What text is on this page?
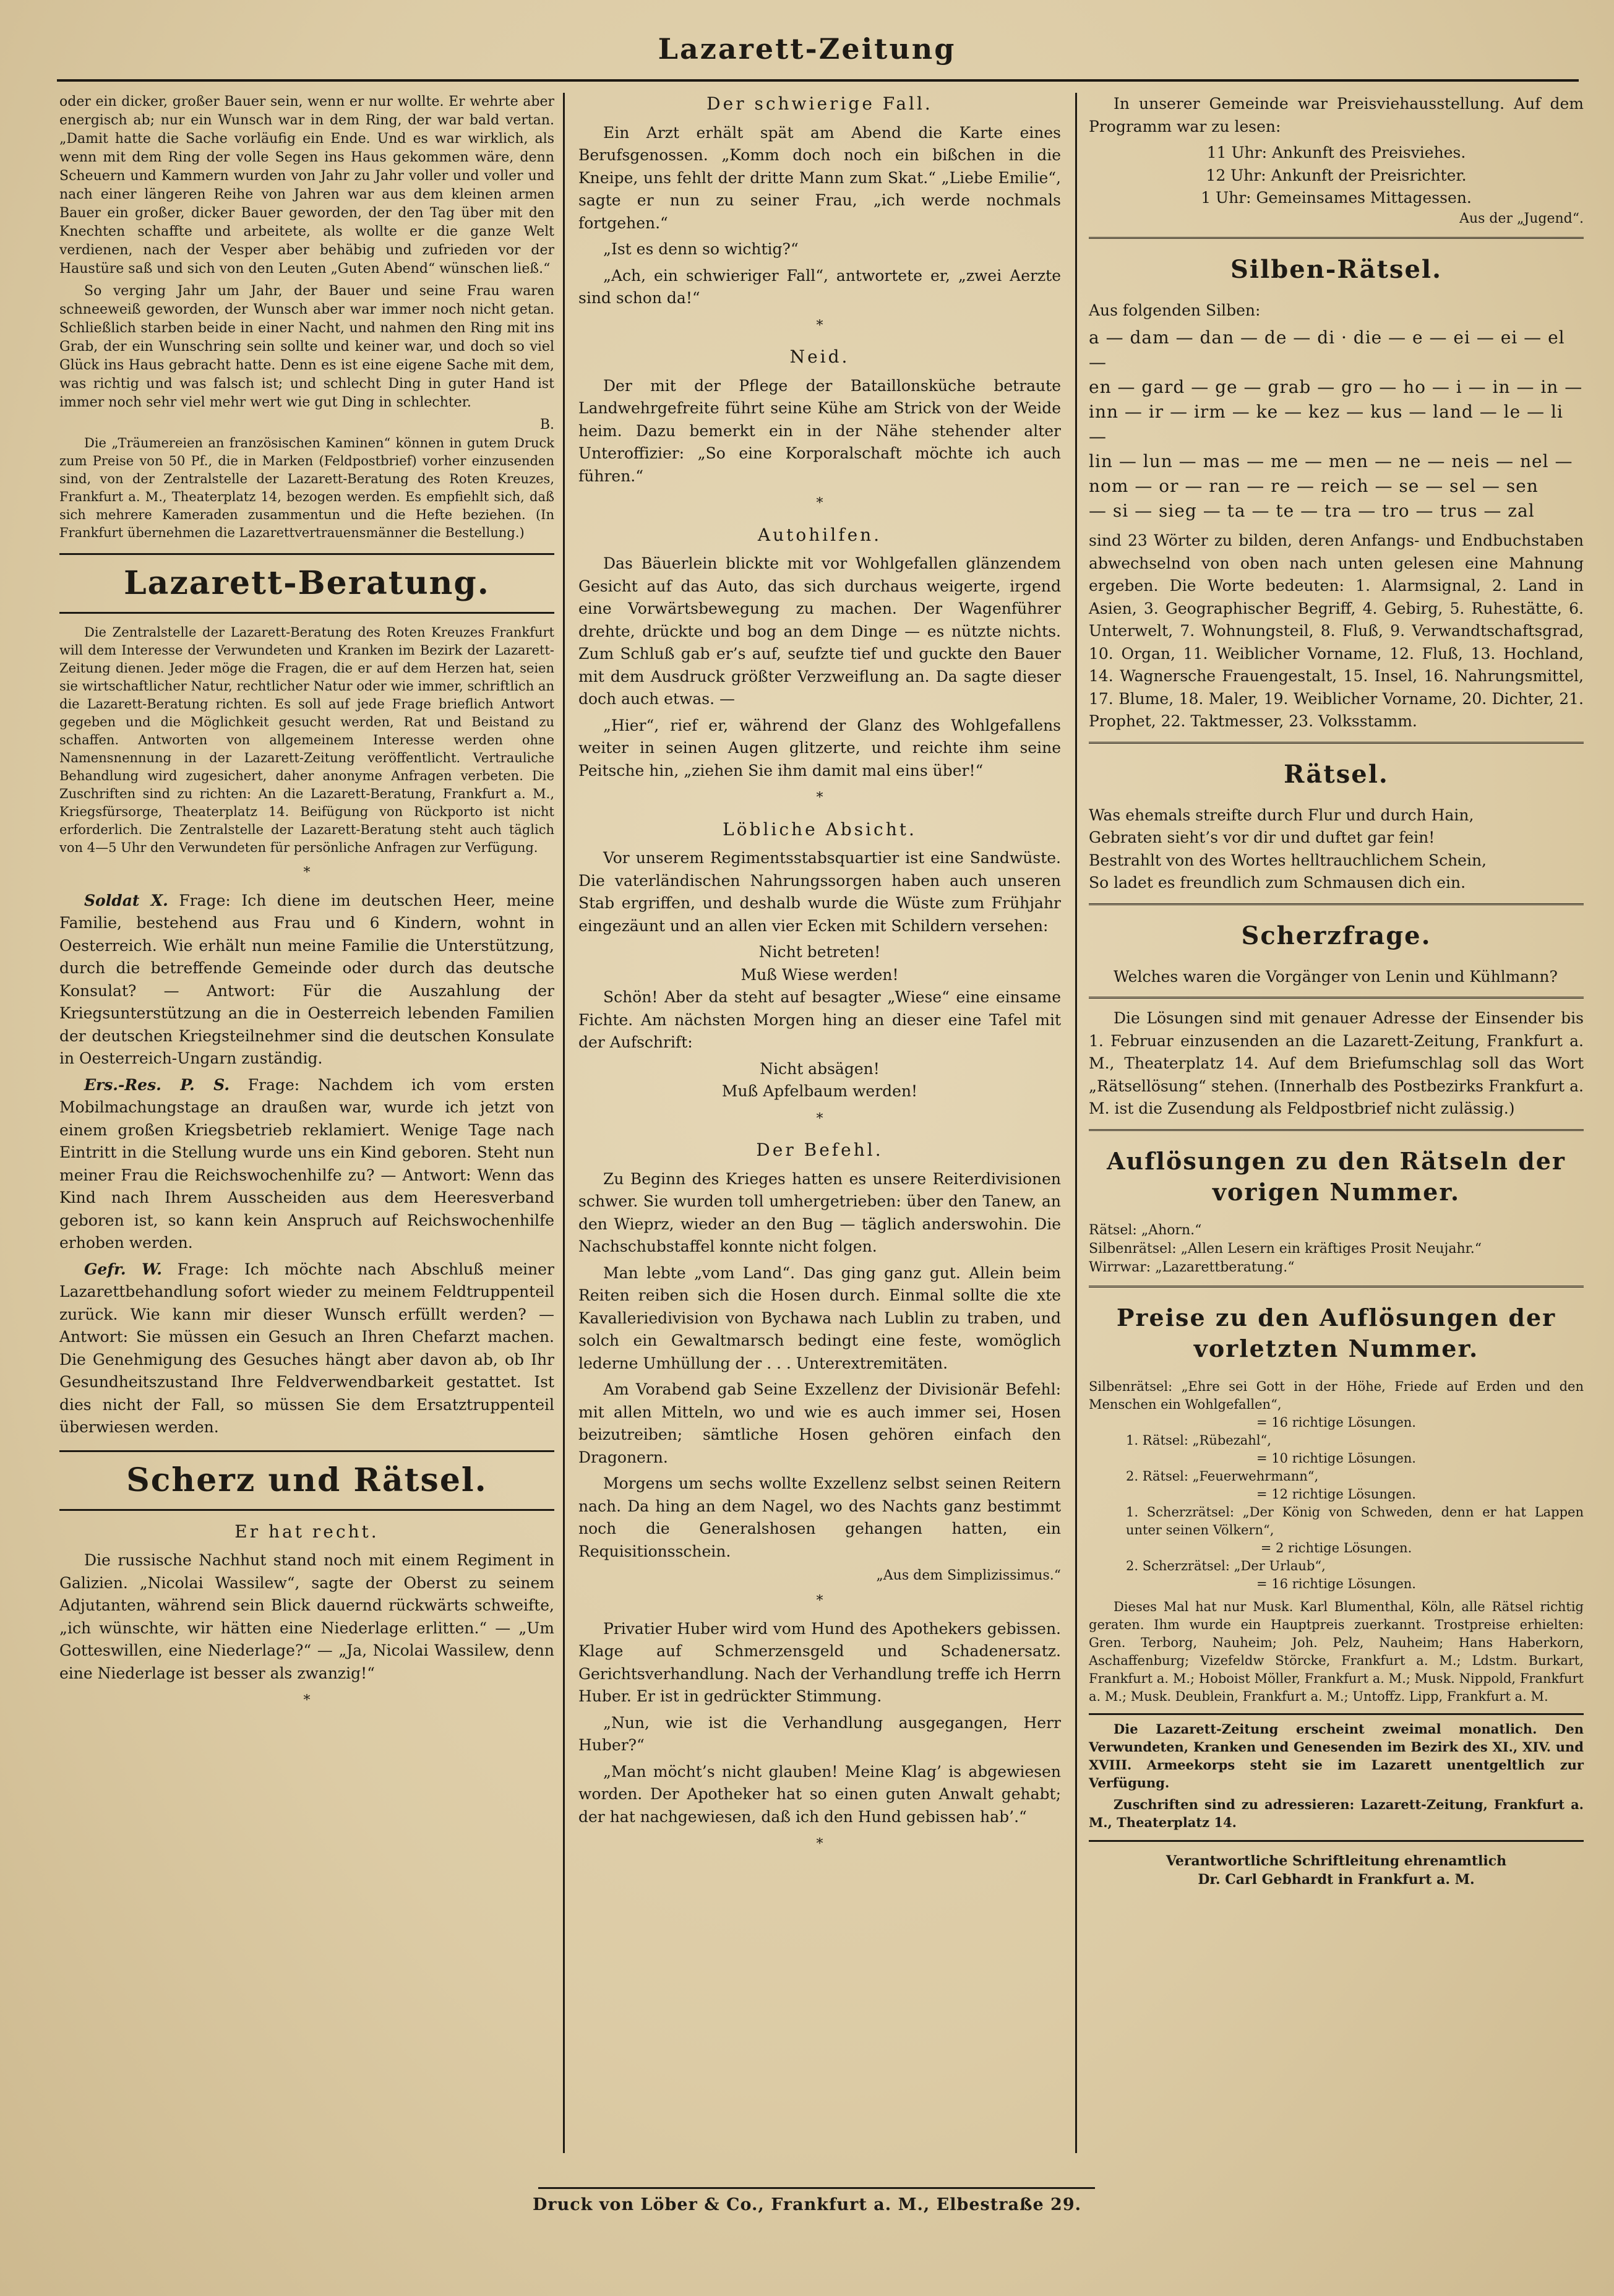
Lazarett-Zeitung

oder ein dicker, großer Bauer sein, wenn er nur wollte. Er wehrte aber energisch ab; nur ein Wunsch war in dem Ring, der war bald vertan. „Damit hatte die Sache vorläufig ein Ende. Und es war wirklich, als wenn mit dem Ring der volle Segen ins Haus gekommen wäre, denn Scheuern und Kammern wurden von Jahr zu Jahr voller und voller und nach einer längeren Reihe von Jahren war aus dem kleinen armen Bauer ein großer, dicker Bauer geworden, der den Tag über mit den Knechten schaffte und arbeitete, als wollte er die ganze Welt verdienen, nach der Vesper aber behäbig und zufrieden vor der Haustüre saß und sich von den Leuten „Guten Abend“ wünschen ließ.“

So verging Jahr um Jahr, der Bauer und seine Frau waren schneeweiß geworden, der Wunsch aber war immer noch nicht getan. Schließlich starben beide in einer Nacht, und nahmen den Ring mit ins Grab, der ein Wunschring sein sollte und keiner war, und doch so viel Glück ins Haus gebracht hatte. Denn es ist eine eigene Sache mit dem, was richtig und was falsch ist; und schlecht Ding in guter Hand ist immer noch sehr viel mehr wert wie gut Ding in schlechter.

B.

Die „Träumereien an französischen Kaminen“ können in gutem Druck zum Preise von 50 Pf., die in Marken (Feldpostbrief) vorher einzusenden sind, von der Zentralstelle der Lazarett-Beratung des Roten Kreuzes, Frankfurt a. M., Theaterplatz 14, bezogen werden. Es empfiehlt sich, daß sich mehrere Kameraden zusammentun und die Hefte beziehen. (In Frankfurt übernehmen die Lazarettvertrauensmänner die Bestellung.)

Lazarett-Beratung.

Die Zentralstelle der Lazarett-Beratung des Roten Kreuzes Frankfurt will dem Interesse der Verwundeten und Kranken im Bezirk der Lazarett-Zeitung dienen. Jeder möge die Fragen, die er auf dem Herzen hat, seien sie wirtschaftlicher Natur, rechtlicher Natur oder wie immer, schriftlich an die Lazarett-Beratung richten. Es soll auf jede Frage brieflich Antwort gegeben und die Möglichkeit gesucht werden, Rat und Beistand zu schaffen. Antworten von allgemeinem Interesse werden ohne Namensnennung in der Lazarett-Zeitung veröffentlicht. Vertrauliche Behandlung wird zugesichert, daher anonyme Anfragen verbeten. Die Zuschriften sind zu richten: An die Lazarett-Beratung, Frankfurt a. M., Kriegsfürsorge, Theaterplatz 14. Beifügung von Rückporto ist nicht erforderlich. Die Zentralstelle der Lazarett-Beratung steht auch täglich von 4—5 Uhr den Verwundeten für persönliche Anfragen zur Verfügung.

*

Soldat X. Frage: Ich diene im deutschen Heer, meine Familie, bestehend aus Frau und 6 Kindern, wohnt in Oesterreich. Wie erhält nun meine Familie die Unterstützung, durch die betreffende Gemeinde oder durch das deutsche Konsulat? — Antwort: Für die Auszahlung der Kriegsunterstützung an die in Oesterreich lebenden Familien der deutschen Kriegsteilnehmer sind die deutschen Konsulate in Oesterreich-Ungarn zuständig.

Ers.-Res. P. S. Frage: Nachdem ich vom ersten Mobilmachungstage an draußen war, wurde ich jetzt von einem großen Kriegsbetrieb reklamiert. Wenige Tage nach Eintritt in die Stellung wurde uns ein Kind geboren. Steht nun meiner Frau die Reichswochenhilfe zu? — Antwort: Wenn das Kind nach Ihrem Ausscheiden aus dem Heeresverband geboren ist, so kann kein Anspruch auf Reichswochenhilfe erhoben werden.

Gefr. W. Frage: Ich möchte nach Abschluß meiner Lazarettbehandlung sofort wieder zu meinem Feldtruppenteil zurück. Wie kann mir dieser Wunsch erfüllt werden? — Antwort: Sie müssen ein Gesuch an Ihren Chefarzt machen. Die Genehmigung des Gesuches hängt aber davon ab, ob Ihr Gesundheitszustand Ihre Feldverwendbarkeit gestattet. Ist dies nicht der Fall, so müssen Sie dem Ersatztruppenteil überwiesen werden.

Scherz und Rätsel.
Er hat recht.

Die russische Nachhut stand noch mit einem Regiment in Galizien. „Nicolai Wassilew“, sagte der Oberst zu seinem Adjutanten, während sein Blick dauernd rückwärts schweifte, „ich wünschte, wir hätten eine Niederlage erlitten.“ — „Um Gotteswillen, eine Niederlage?“ — „Ja, Nicolai Wassilew, denn eine Niederlage ist besser als zwanzig!“

*
Der schwierige Fall.

Ein Arzt erhält spät am Abend die Karte eines Berufsgenossen. „Komm doch noch ein bißchen in die Kneipe, uns fehlt der dritte Mann zum Skat.“ „Liebe Emilie“, sagte er nun zu seiner Frau, „ich werde nochmals fortgehen.“

„Ist es denn so wichtig?“

„Ach, ein schwieriger Fall“, antwortete er, „zwei Aerzte sind schon da!“

*
Neid.

Der mit der Pflege der Bataillonsküche betraute Landwehrgefreite führt seine Kühe am Strick von der Weide heim. Dazu bemerkt ein in der Nähe stehender alter Unteroffizier: „So eine Korporalschaft möchte ich auch führen.“

*
Autohilfen.

Das Bäuerlein blickte mit vor Wohlgefallen glänzendem Gesicht auf das Auto, das sich durchaus weigerte, irgend eine Vorwärtsbewegung zu machen. Der Wagenführer drehte, drückte und bog an dem Dinge — es nützte nichts. Zum Schluß gab er’s auf, seufzte tief und guckte den Bauer mit dem Ausdruck größter Verzweiflung an. Da sagte dieser doch auch etwas. —

„Hier“, rief er, während der Glanz des Wohlgefallens weiter in seinen Augen glitzerte, und reichte ihm seine Peitsche hin, „ziehen Sie ihm damit mal eins über!“

*
Löbliche Absicht.

Vor unserem Regimentsstabsquartier ist eine Sandwüste. Die vaterländischen Nahrungssorgen haben auch unseren Stab ergriffen, und deshalb wurde die Wüste zum Frühjahr eingezäunt und an allen vier Ecken mit Schildern versehen:

Nicht betreten!
Muß Wiese werden!

Schön! Aber da steht auf besagter „Wiese“ eine einsame Fichte. Am nächsten Morgen hing an dieser eine Tafel mit der Aufschrift:

Nicht absägen!
Muß Apfelbaum werden!
*
Der Befehl.

Zu Beginn des Krieges hatten es unsere Reiterdivisionen schwer. Sie wurden toll umhergetrieben: über den Tanew, an den Wieprz, wieder an den Bug — täglich anderswohin. Die Nachschubstaffel konnte nicht folgen.

Man lebte „vom Land“. Das ging ganz gut. Allein beim Reiten reiben sich die Hosen durch. Einmal sollte die xte Kavalleriedivision von Bychawa nach Lublin zu traben, und solch ein Gewaltmarsch bedingt eine feste, womöglich lederne Umhüllung der . . . Unterextremitäten.

Am Vorabend gab Seine Exzellenz der Divisionär Befehl: mit allen Mitteln, wo und wie es auch immer sei, Hosen beizutreiben; sämtliche Hosen gehören einfach den Dragonern.

Morgens um sechs wollte Exzellenz selbst seinen Reitern nach. Da hing an dem Nagel, wo des Nachts ganz bestimmt noch die Generalshosen gehangen hatten, ein Requisitionsschein.

„Aus dem Simplizissimus.“
*

Privatier Huber wird vom Hund des Apothekers gebissen. Klage auf Schmerzensgeld und Schadenersatz. Gerichtsverhandlung. Nach der Verhandlung treffe ich Herrn Huber. Er ist in gedrückter Stimmung.

„Nun, wie ist die Verhandlung ausgegangen, Herr Huber?“

„Man möcht’s nicht glauben! Meine Klag’ is abgewiesen worden. Der Apotheker hat so einen guten Anwalt gehabt; der hat nachgewiesen, daß ich den Hund gebissen hab’.“

*

In unserer Gemeinde war Preisviehausstellung. Auf dem Programm war zu lesen:

11 Uhr: Ankunft des Preisviehes.
12 Uhr: Ankunft der Preisrichter.
1 Uhr: Gemeinsames Mittagessen.
Aus der „Jugend“.
Silben-Rätsel.

Aus folgenden Silben:

a — dam — dan — de — di · die — e — ei — ei — el —
en — gard — ge — grab — gro — ho — i — in — in —
inn — ir — irm — ke — kez — kus — land — le — li —
lin — lun — mas — me — men — ne — neis — nel —
nom — or — ran — re — reich — se — sel — sen
— si — sieg — ta — te — tra — tro — trus — zal

sind 23 Wörter zu bilden, deren Anfangs- und Endbuchstaben abwechselnd von oben nach unten gelesen eine Mahnung ergeben. Die Worte bedeuten: 1. Alarmsignal, 2. Land in Asien, 3. Geographischer Begriff, 4. Gebirg, 5. Ruhestätte, 6. Unterwelt, 7. Wohnungsteil, 8. Fluß, 9. Verwandtschaftsgrad, 10. Organ, 11. Weiblicher Vorname, 12. Fluß, 13. Hochland, 14. Wagnersche Frauengestalt, 15. Insel, 16. Nahrungsmittel, 17. Blume, 18. Maler, 19. Weiblicher Vorname, 20. Dichter, 21. Prophet, 22. Taktmesser, 23. Volksstamm.

Rätsel.
Was ehemals streifte durch Flur und durch Hain,
Gebraten sieht’s vor dir und duftet gar fein!
Bestrahlt von des Wortes helltrauchlichem Schein,
So ladet es freundlich zum Schmausen dich ein.
Scherzfrage.

Welches waren die Vorgänger von Lenin und Kühlmann?

Die Lösungen sind mit genauer Adresse der Einsender bis 1. Februar einzusenden an die Lazarett-Zeitung, Frankfurt a. M., Theaterplatz 14. Auf dem Briefumschlag soll das Wort „Rätsellösung“ stehen. (Innerhalb des Postbezirks Frankfurt a. M. ist die Zusendung als Feldpostbrief nicht zulässig.)

Auflösungen zu den Rätseln der vorigen Nummer.
Rätsel: „Ahorn.“
Silbenrätsel: „Allen Lesern ein kräftiges Prosit Neujahr.“
Wirrwar: „Lazarettberatung.“
Preise zu den Auflösungen der vorletzten Nummer.
Silbenrätsel: „Ehre sei Gott in der Höhe, Friede auf Erden und den Menschen ein Wohlgefallen“,
= 16 richtige Lösungen.
1. Rätsel: „Rübezahl“,
= 10 richtige Lösungen.
2. Rätsel: „Feuerwehrmann“,
= 12 richtige Lösungen.
1. Scherzrätsel: „Der König von Schweden, denn er hat Lappen unter seinen Völkern“,
= 2 richtige Lösungen.
2. Scherzrätsel: „Der Urlaub“,
= 16 richtige Lösungen.

Dieses Mal hat nur Musk. Karl Blumenthal, Köln, alle Rätsel richtig geraten. Ihm wurde ein Hauptpreis zuerkannt. Trostpreise erhielten: Gren. Terborg, Nauheim; Joh. Pelz, Nauheim; Hans Haberkorn, Aschaffenburg; Vizefeldw Störcke, Frankfurt a. M.; Ldstm. Burkart, Frankfurt a. M.; Hoboist Möller, Frankfurt a. M.; Musk. Nippold, Frankfurt a. M.; Musk. Deublein, Frankfurt a. M.; Untoffz. Lipp, Frankfurt a. M.

Die Lazarett-Zeitung erscheint zweimal monatlich. Den Verwundeten, Kranken und Genesenden im Bezirk des XI., XIV. und XVIII. Armeekorps steht sie im Lazarett unentgeltlich zur Verfügung.

Zuschriften sind zu adressieren: Lazarett-Zeitung, Frankfurt a. M., Theaterplatz 14.

Verantwortliche Schriftleitung ehrenamtlich
Dr. Carl Gebhardt in Frankfurt a. M.
Druck von Löber & Co., Frankfurt a. M., Elbestraße 29.
